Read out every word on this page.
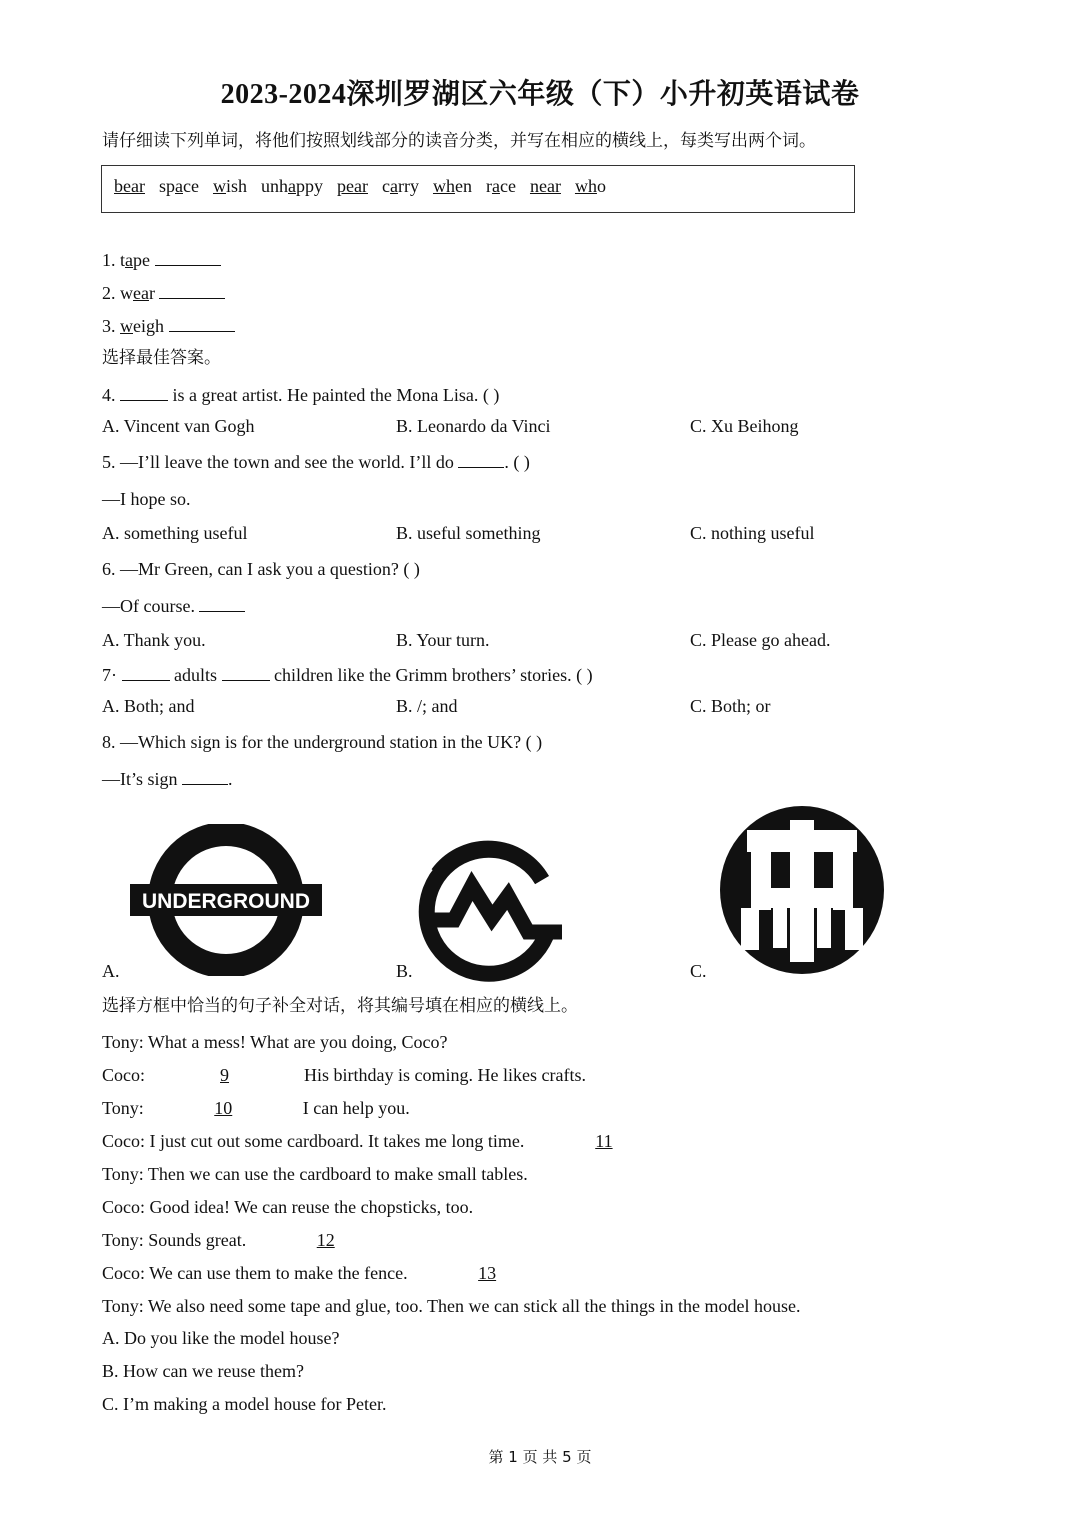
2023-2024深圳罗湖区六年级（下）小升初英语试卷
请仔细读下列单词，将他们按照划线部分的读音分类，并写在相应的横线上，每类写出两个词。
bear space wish unhappy pear carry when race near who
1. tape
2. wear
3. weigh
选择最佳答案。
4.	is a great artist. He painted the Mona Lisa. ( )
A. Vincent van Gogh	B. Leonardo da Vinci	C. Xu Beihong
5. —I’ll leave the town and see the world. I’ll do	. ( )
—I hope so.
A. something useful	B. useful something	C. nothing useful
6. —Mr Green, can I ask you a question? ( )
—Of course.
A. Thank you.	B. Your turn.	C. Please go ahead.
7·	adults	children like the Grimm brothers’ stories. ( )
A. Both; and	B. /; and	C. Both; or
8. —Which sign is for the underground station in the UK? ( )
—It’s sign	.
UNDERGROUND
A.	B.	C.
选择方框中恰当的句子补全对话，将其编号填在相应的横线上。
Tony: What a mess! What are you doing, Coco?
Coco:	9	His birthday is coming. He likes crafts.
Tony:	10	I can help you.
Coco: I just cut out some cardboard. It takes me long time.	11
Tony: Then we can use the cardboard to make small tables.
Coco: Good idea! We can reuse the chopsticks, too.
Tony: Sounds great.	12
Coco: We can use them to make the fence.	13
Tony: We also need some tape and glue, too. Then we can stick all the things in the model house.
A. Do you like the model house?
B. How can we reuse them?
C. I’m making a model house for Peter.
第 1 页 共 5 页
